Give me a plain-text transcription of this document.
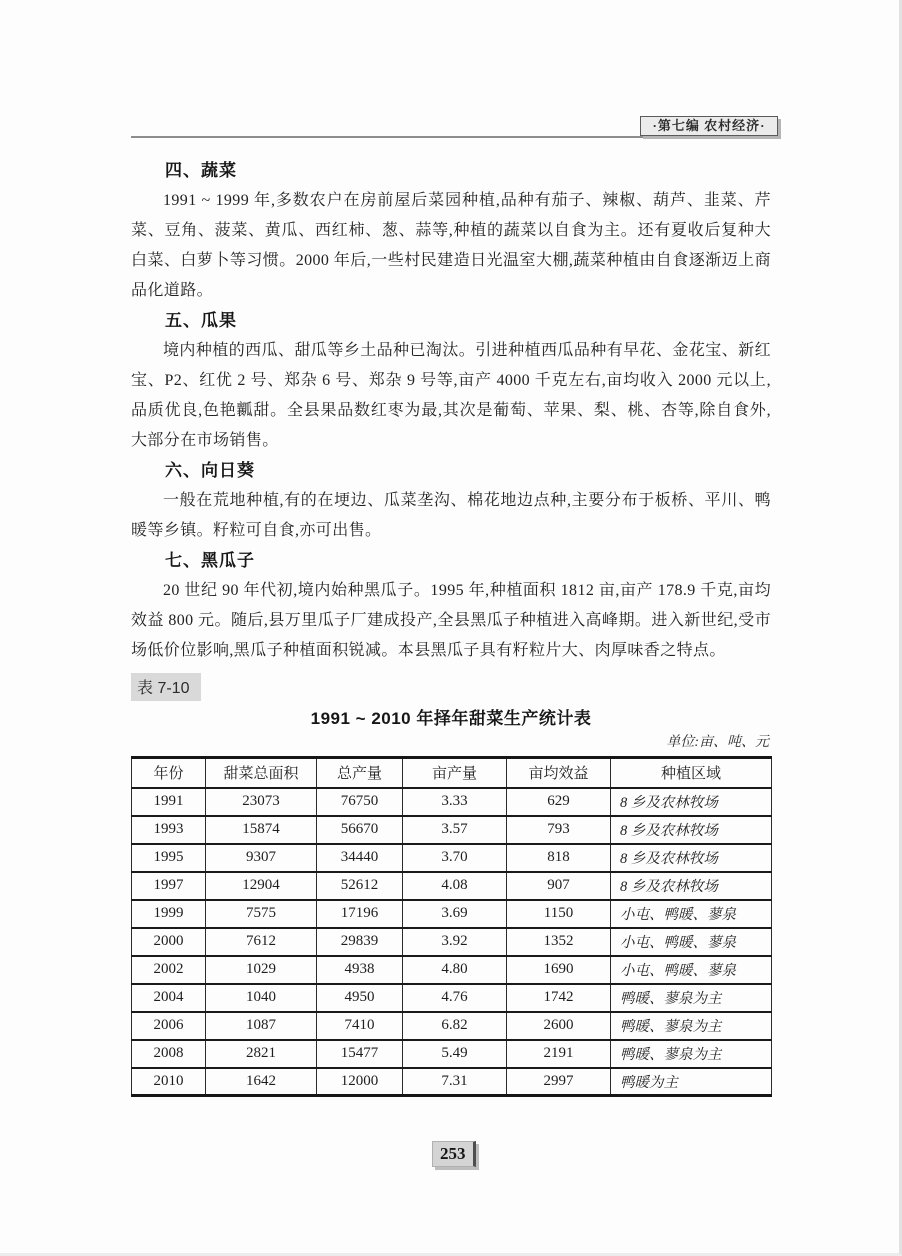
·第七编 农村经济·
四、蔬菜
1991 ~ 1999 年,多数农户在房前屋后菜园种植,品种有茄子、辣椒、葫芦、韭菜、芹菜、豆角、菠菜、黄瓜、西红柿、葱、蒜等,种植的蔬菜以自食为主。还有夏收后复种大白菜、白萝卜等习惯。2000 年后,一些村民建造日光温室大棚,蔬菜种植由自食逐渐迈上商品化道路。
五、瓜果
境内种植的西瓜、甜瓜等乡土品种已淘汰。引进种植西瓜品种有早花、金花宝、新红宝、P2、红优 2 号、郑杂 6 号、郑杂 9 号等,亩产 4000 千克左右,亩均收入 2000 元以上,品质优良,色艳瓤甜。全县果品数红枣为最,其次是葡萄、苹果、梨、桃、杏等,除自食外,大部分在市场销售。
六、向日葵
一般在荒地种植,有的在埂边、瓜菜垄沟、棉花地边点种,主要分布于板桥、平川、鸭暖等乡镇。籽粒可自食,亦可出售。
七、黑瓜子
20 世纪 90 年代初,境内始种黑瓜子。1995 年,种植面积 1812 亩,亩产 178.9 千克,亩均效益 800 元。随后,县万里瓜子厂建成投产,全县黑瓜子种植进入高峰期。进入新世纪,受市场低价位影响,黑瓜子种植面积锐减。本县黑瓜子具有籽粒片大、肉厚味香之特点。
表 7-10
1991 ~ 2010 年择年甜菜生产统计表
单位:亩、吨、元
年份	甜菜总面积	总产量	亩产量	亩均效益	种植区域
1991	23073	76750	3.33	629	8 乡及农林牧场
1993	15874	56670	3.57	793	8 乡及农林牧场
1995	9307	34440	3.70	818	8 乡及农林牧场
1997	12904	52612	4.08	907	8 乡及农林牧场
1999	7575	17196	3.69	1150	小屯、鸭暖、蓼泉
2000	7612	29839	3.92	1352	小屯、鸭暖、蓼泉
2002	1029	4938	4.80	1690	小屯、鸭暖、蓼泉
2004	1040	4950	4.76	1742	鸭暖、蓼泉为主
2006	1087	7410	6.82	2600	鸭暖、蓼泉为主
2008	2821	15477	5.49	2191	鸭暖、蓼泉为主
2010	1642	12000	7.31	2997	鸭暖为主
253
